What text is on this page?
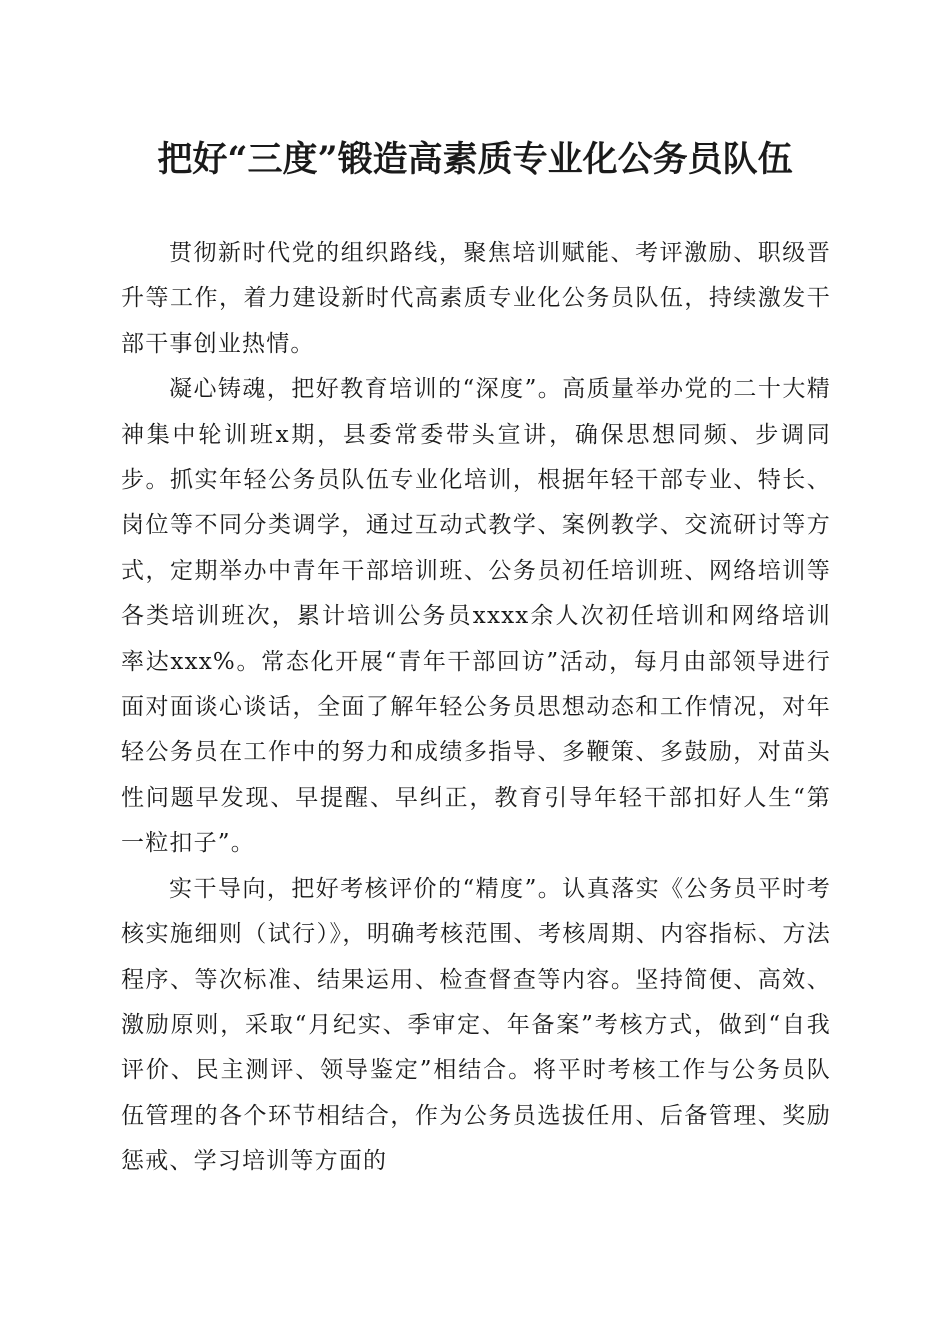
把好“三度”锻造高素质专业化公务员队伍

贯彻新时代党的组织路线，聚焦培训赋能、考评激励、职级晋升等工作，着力建设新时代高素质专业化公务员队伍，持续激发干部干事创业热情。

凝心铸魂，把好教育培训的“深度”。高质量举办党的二十大精神集中轮训班x期，县委常委带头宣讲，确保思想同频、步调同步。抓实年轻公务员队伍专业化培训，根据年轻干部专业、特长、岗位等不同分类调学，通过互动式教学、案例教学、交流研讨等方式，定期举办中青年干部培训班、公务员初任培训班、网络培训等各类培训班次，累计培训公务员xxxx余人次初任培训和网络培训率达xxx%。常态化开展“青年干部回访”活动，每月由部领导进行面对面谈心谈话，全面了解年轻公务员思想动态和工作情况，对年轻公务员在工作中的努力和成绩多指导、多鞭策、多鼓励，对苗头性问题早发现、早提醒、早纠正，教育引导年轻干部扣好人生“第一粒扣子”。

实干导向，把好考核评价的“精度”。认真落实《公务员平时考核实施细则（试行）》，明确考核范围、考核周期、内容指标、方法程序、等次标准、结果运用、检查督查等内容。坚持简便、高效、激励原则，采取“月纪实、季审定、年备案”考核方式，做到“自我评价、民主测评、领导鉴定”相结合。将平时考核工作与公务员队伍管理的各个环节相结合，作为公务员选拔任用、后备管理、奖励惩戒、学习培训等方面的
